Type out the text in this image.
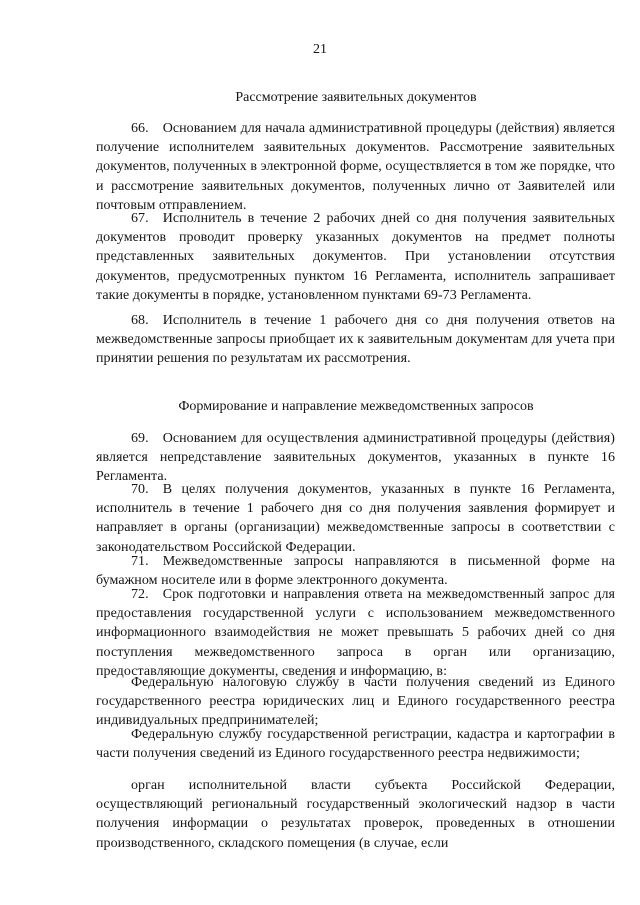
21
Рассмотрение заявительных документов

66. Основанием для начала административной процедуры (действия) является получение исполнителем заявительных документов. Рассмотрение заявительных документов, полученных в электронной форме, осуществляется в том же порядке, что и рассмотрение заявительных документов, полученных лично от Заявителей или почтовым отправлением.

67. Исполнитель в течение 2 рабочих дней со дня получения заявительных документов проводит проверку указанных документов на предмет полноты представленных заявительных документов. При установлении отсутствия документов, предусмотренных пунктом 16 Регламента, исполнитель запрашивает такие документы в порядке, установленном пунктами 69-73 Регламента.

68. Исполнитель в течение 1 рабочего дня со дня получения ответов на межведомственные запросы приобщает их к заявительным документам для учета при принятии решения по результатам их рассмотрения.

Формирование и направление межведомственных запросов

69. Основанием для осуществления административной процедуры (действия) является непредставление заявительных документов, указанных в пункте 16 Регламента.

70. В целях получения документов, указанных в пункте 16 Регламента, исполнитель в течение 1 рабочего дня со дня получения заявления формирует и направляет в органы (организации) межведомственные запросы в соответствии с законодательством Российской Федерации.

71. Межведомственные запросы направляются в письменной форме на бумажном носителе или в форме электронного документа.

72. Срок подготовки и направления ответа на межведомственный запрос для предоставления государственной услуги с использованием межведомственного информационного взаимодействия не может превышать 5 рабочих дней со дня поступления межведомственного запроса в орган или организацию, предоставляющие документы, сведения и информацию, в:

Федеральную налоговую службу в части получения сведений из Единого государственного реестра юридических лиц и Единого государственного реестра индивидуальных предпринимателей;

Федеральную службу государственной регистрации, кадастра и картографии в части получения сведений из Единого государственного реестра недвижимости;

орган исполнительной власти субъекта Российской Федерации, осуществляющий региональный государственный экологический надзор в части получения информации о результатах проверок, проведенных в отношении производственного, складского помещения (в случае, если
